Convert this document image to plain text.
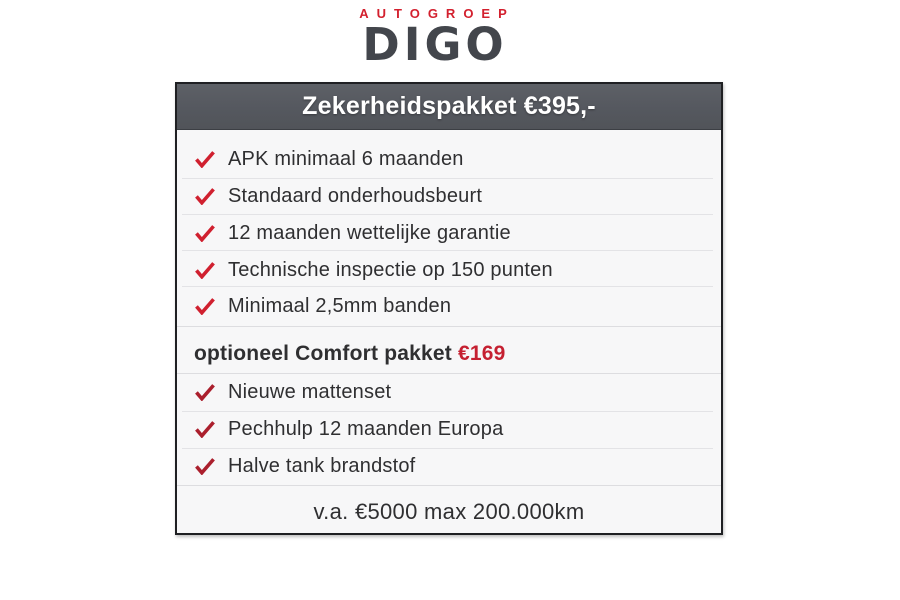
AUTOGROEP
DIGO
Zekerheidspakket €395,-
APK minimaal 6 maanden
Standaard onderhoudsbeurt
12 maanden wettelijke garantie
Technische inspectie op 150 punten
Minimaal 2,5mm banden
optioneel Comfort pakket €169
Nieuwe mattenset
Pechhulp 12 maanden Europa
Halve tank brandstof
v.a. €5000 max 200.000km
